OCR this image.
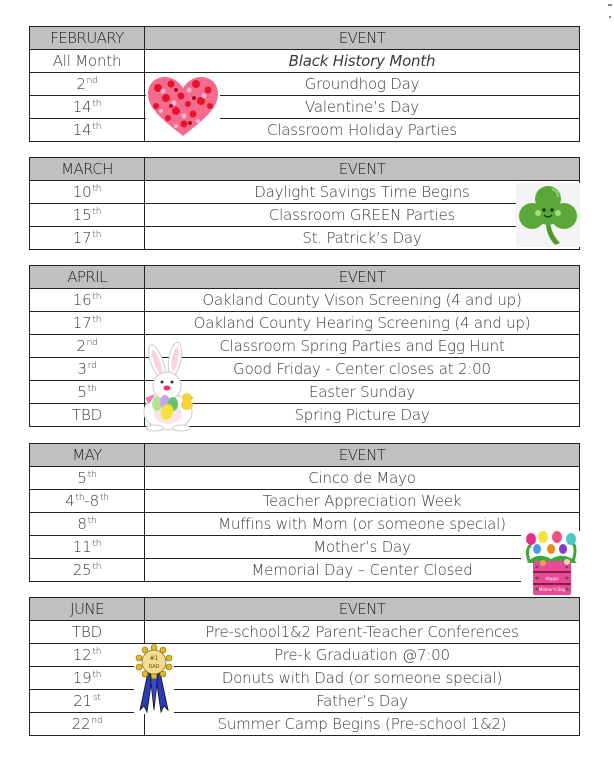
FEBRUARY	EVENT
All Month	Black History Month
2nd	Groundhog Day
14th	Valentine’s Day
14th	Classroom Holiday Parties
MARCH	EVENT
10th	Daylight Savings Time Begins
15th	Classroom GREEN Parties
17th	St. Patrick’s Day
APRIL	EVENT
16th	Oakland County Vison Screening (4 and up)
17th	Oakland County Hearing Screening (4 and up)
2nd	Classroom Spring Parties and Egg Hunt
3rd	Good Friday - Center closes at 2:00
5th	Easter Sunday
TBD	Spring Picture Day
MAY	EVENT
5th	Cinco de Mayo
4th-8th	Teacher Appreciation Week
8th	Muffins with Mom (or someone special)
11th	Mother’s Day
25th	Memorial Day – Center Closed
JUNE	EVENT
TBD	Pre-school1&2 Parent-Teacher Conferences
12th	Pre-k Graduation @7:00
19th	Donuts with Dad (or someone special)
21st	Father’s Day
22nd	Summer Camp Begins (Pre-school 1&2)
Happy
Mother's Day
#1
DAD
